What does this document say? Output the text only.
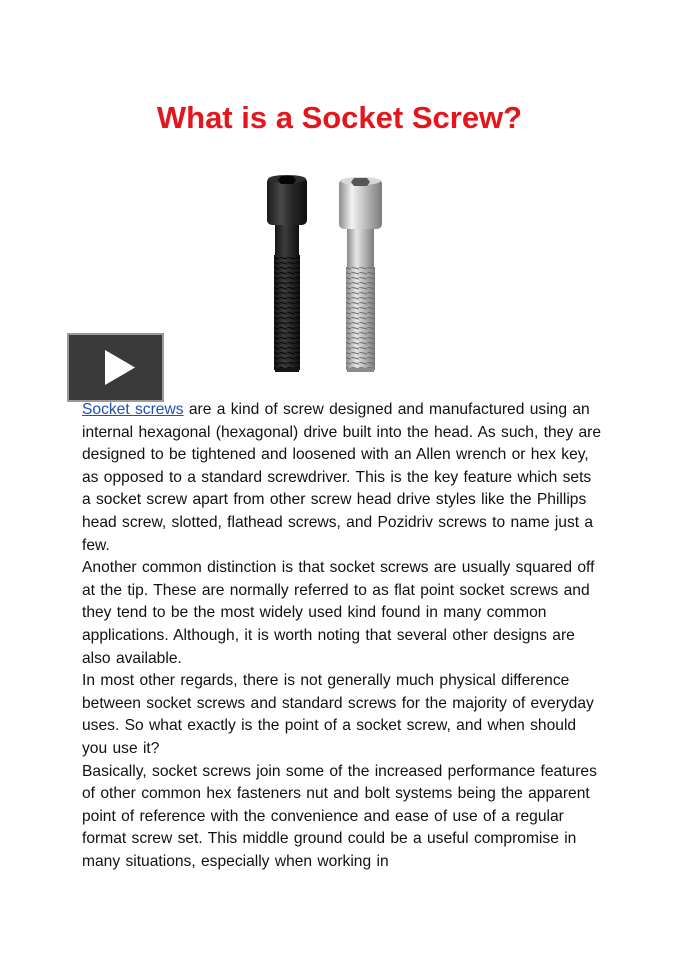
What is a Socket Screw?

Socket screws are a kind of screw designed and manufactured using an internal hexagonal (hexagonal) drive built into the head. As such, they are designed to be tightened and loosened with an Allen wrench or hex key, as opposed to a standard screwdriver. This is the key feature which sets a socket screw apart from other screw head drive styles like the Phillips head screw, slotted, flathead screws, and Pozidriv screws to name just a few.

Another common distinction is that socket screws are usually squared off at the tip. These are normally referred to as flat point socket screws and they tend to be the most widely used kind found in many common applications. Although, it is worth noting that several other designs are also available.

In most other regards, there is not generally much physical difference between socket screws and standard screws for the majority of everyday uses. So what exactly is the point of a socket screw, and when should you use it?

Basically, socket screws join some of the increased performance features of other common hex fasteners nut and bolt systems being the apparent point of reference with the convenience and ease of use of a regular format screw set. This middle ground could be a useful compromise in many situations, especially when working in
